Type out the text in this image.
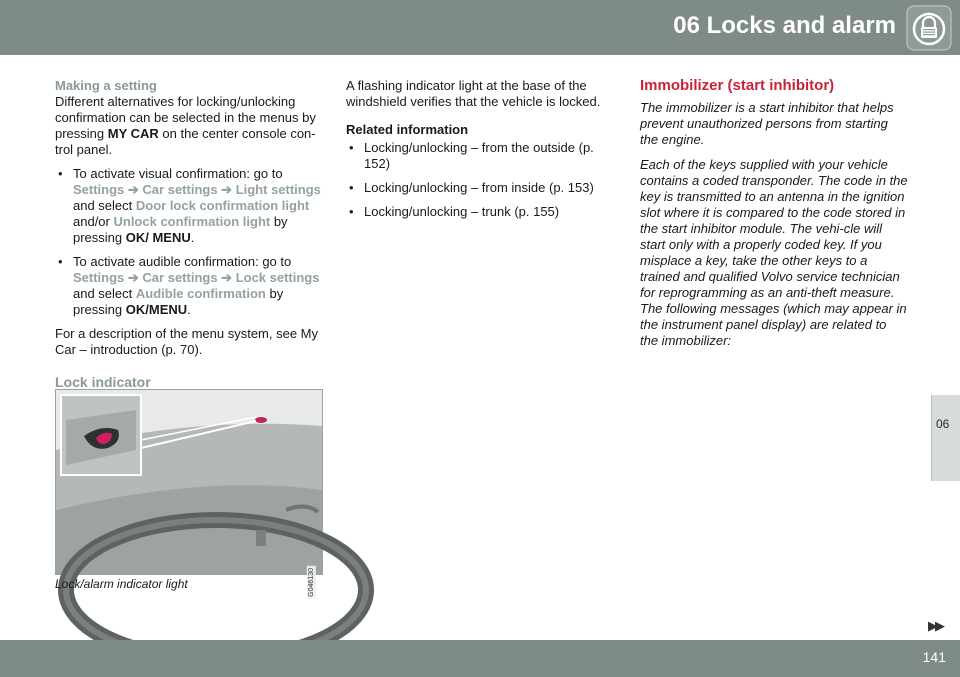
06 Locks and alarm
Making a setting

Different alternatives for locking/unlocking confirmation can be selected in the menus by pressing MY CAR on the center console con-trol panel.

• To activate visual confirmation: go to
Settings ➔ Car settings ➔ Light settings and select Door lock confirmation light and/or Unlock confirmation light by pressing OK/ MENU.
• To activate audible confirmation: go to
Settings ➔ Car settings ➔ Lock settings and select Audible confirmation by pressing OK/MENU.

For a description of the menu system, see My Car – introduction (p. 70).

Lock indicator
G046130
Lock/alarm indicator light

A flashing indicator light at the base of the windshield verifies that the vehicle is locked.

Related information
• Locking/unlocking – from the outside (p. 152)
• Locking/unlocking – from inside (p. 153)
• Locking/unlocking – trunk (p. 155)
Immobilizer (start inhibitor)

The immobilizer is a start inhibitor that helps prevent unauthorized persons from starting the engine.

Each of the keys supplied with your vehicle contains a coded transponder. The code in the key is transmitted to an antenna in the ignition slot where it is compared to the code stored in the start inhibitor module. The vehi-cle will start only with a properly coded key. If you misplace a key, take the other keys to a trained and qualified Volvo service technician for reprogramming as an anti-theft measure. The following messages (which may appear in the instrument panel display) are related to the immobilizer:

06
▶▶
141
